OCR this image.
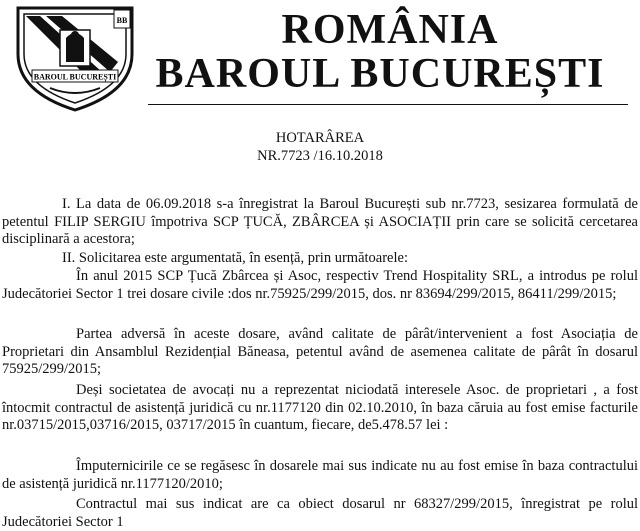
BB
BAROUL BUCUREȘTI
ROMÂNIA
BAROUL BUCUREȘTI
HOTARÂREA
NR.7723 /16.10.2018
I. La data de 06.09.2018 s-a înregistrat la Baroul București sub nr.7723, sesizarea formulată de petentul FILIP SERGIU împotriva SCP ȚUCĂ, ZBÂRCEA și ASOCIAȚII prin care se solicită cercetarea disciplinară a acestora;
II. Solicitarea este argumentată, în esență, prin următoarele:
În anul 2015 SCP Țucă Zbârcea și Asoc, respectiv Trend Hospitality SRL, a introdus pe rolul Judecătoriei Sector 1 trei dosare civile :dos nr.75925/299/2015, dos. nr 83694/299/2015, 86411/299/2015;
Partea adversă în aceste dosare, având calitate de pârât/intervenient a fost Asociația de Proprietari din Ansamblul Rezidențial Băneasa, petentul având de asemenea calitate de pârât în dosarul 75925/299/2015;
Deși societatea de avocați nu a reprezentat niciodată interesele Asoc. de proprietari , a fost întocmit contractul de asistență juridică cu nr.1177120 din 02.10.2010, în baza căruia au fost emise facturile nr.03715/2015,03716/2015, 03717/2015 în cuantum, fiecare, de5.478.57 lei :
Împuternicirile ce se regăsesc în dosarele mai sus indicate nu au fost emise în baza contractului de asistență juridică nr.1177120/2010;
Contractul mai sus indicat are ca obiect dosarul nr 68327/299/2015, înregistrat pe rolul Judecătoriei Sector 1
